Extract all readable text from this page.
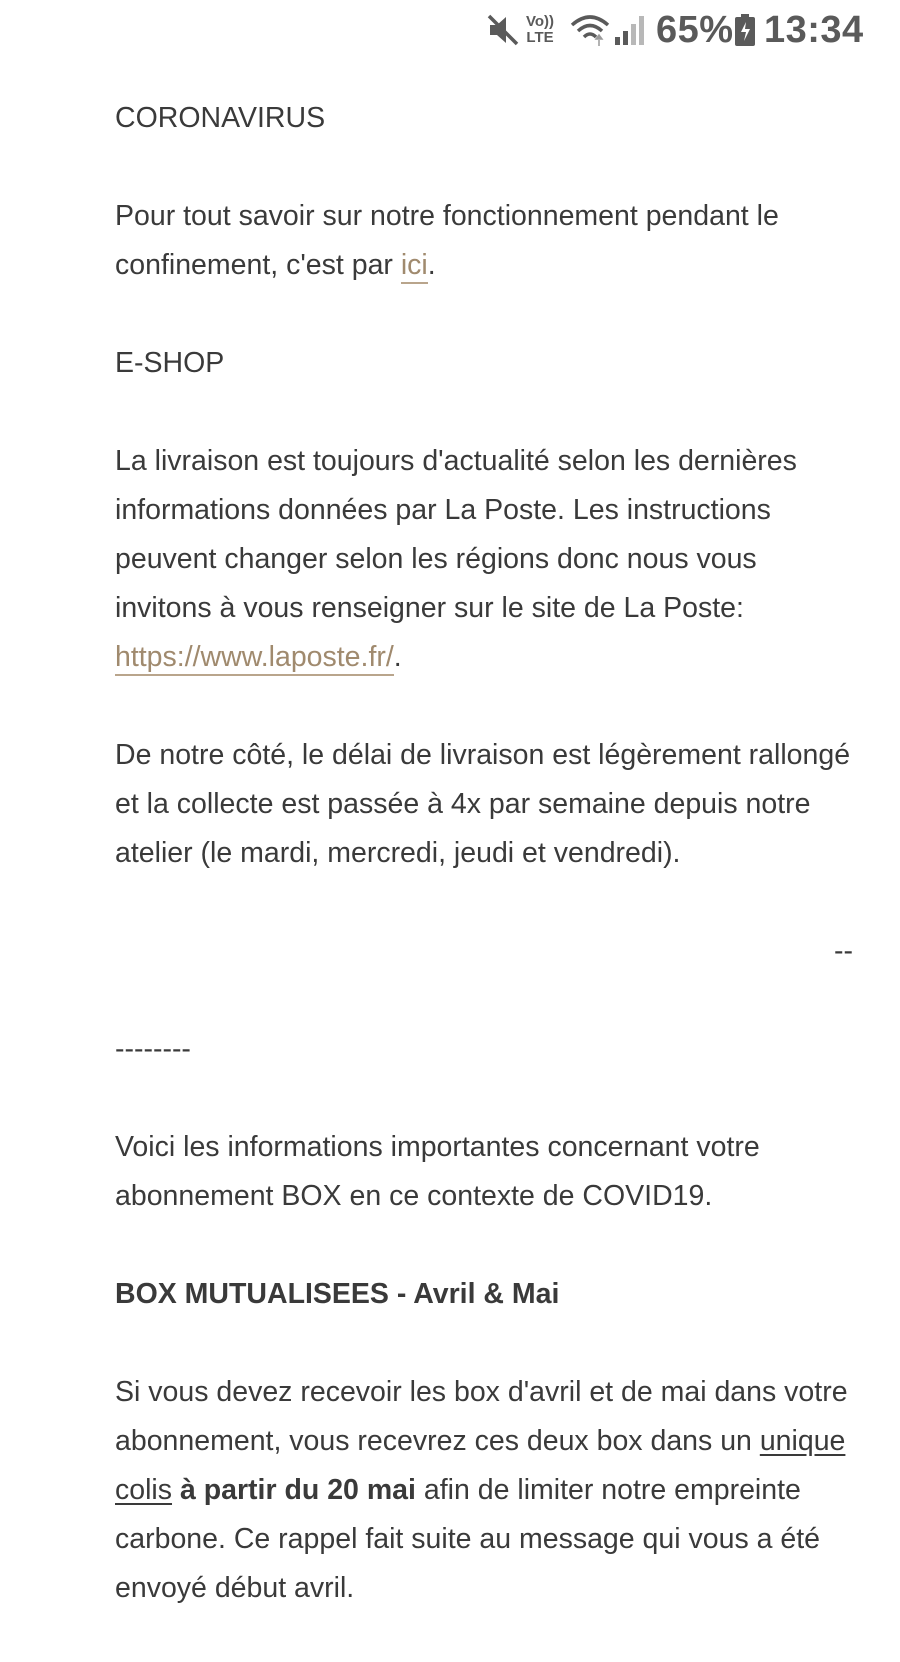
Vo))
LTE	65% 13:34

CORONAVIRUS

Pour tout savoir sur notre fonctionnement pendant le confinement, c'est par ici.

E-SHOP

La livraison est toujours d'actualité selon les dernières informations données par La Poste. Les instructions peuvent changer selon les régions donc nous vous invitons à vous renseigner sur le site de La Poste: https://www.laposte.fr/.

De notre côté, le délai de livraison est légèrement rallongé et la collecte est passée à 4x par semaine depuis notre atelier (le mardi, mercredi, jeudi et vendredi).

--

--------

Voici les informations importantes concernant votre abonnement BOX en ce contexte de COVID19.

BOX MUTUALISEES - Avril & Mai

Si vous devez recevoir les box d'avril et de mai dans votre abonnement, vous recevrez ces deux box dans un unique colis à partir du 20 mai afin de limiter notre empreinte carbone. Ce rappel fait suite au message qui vous a été envoyé début avril.
